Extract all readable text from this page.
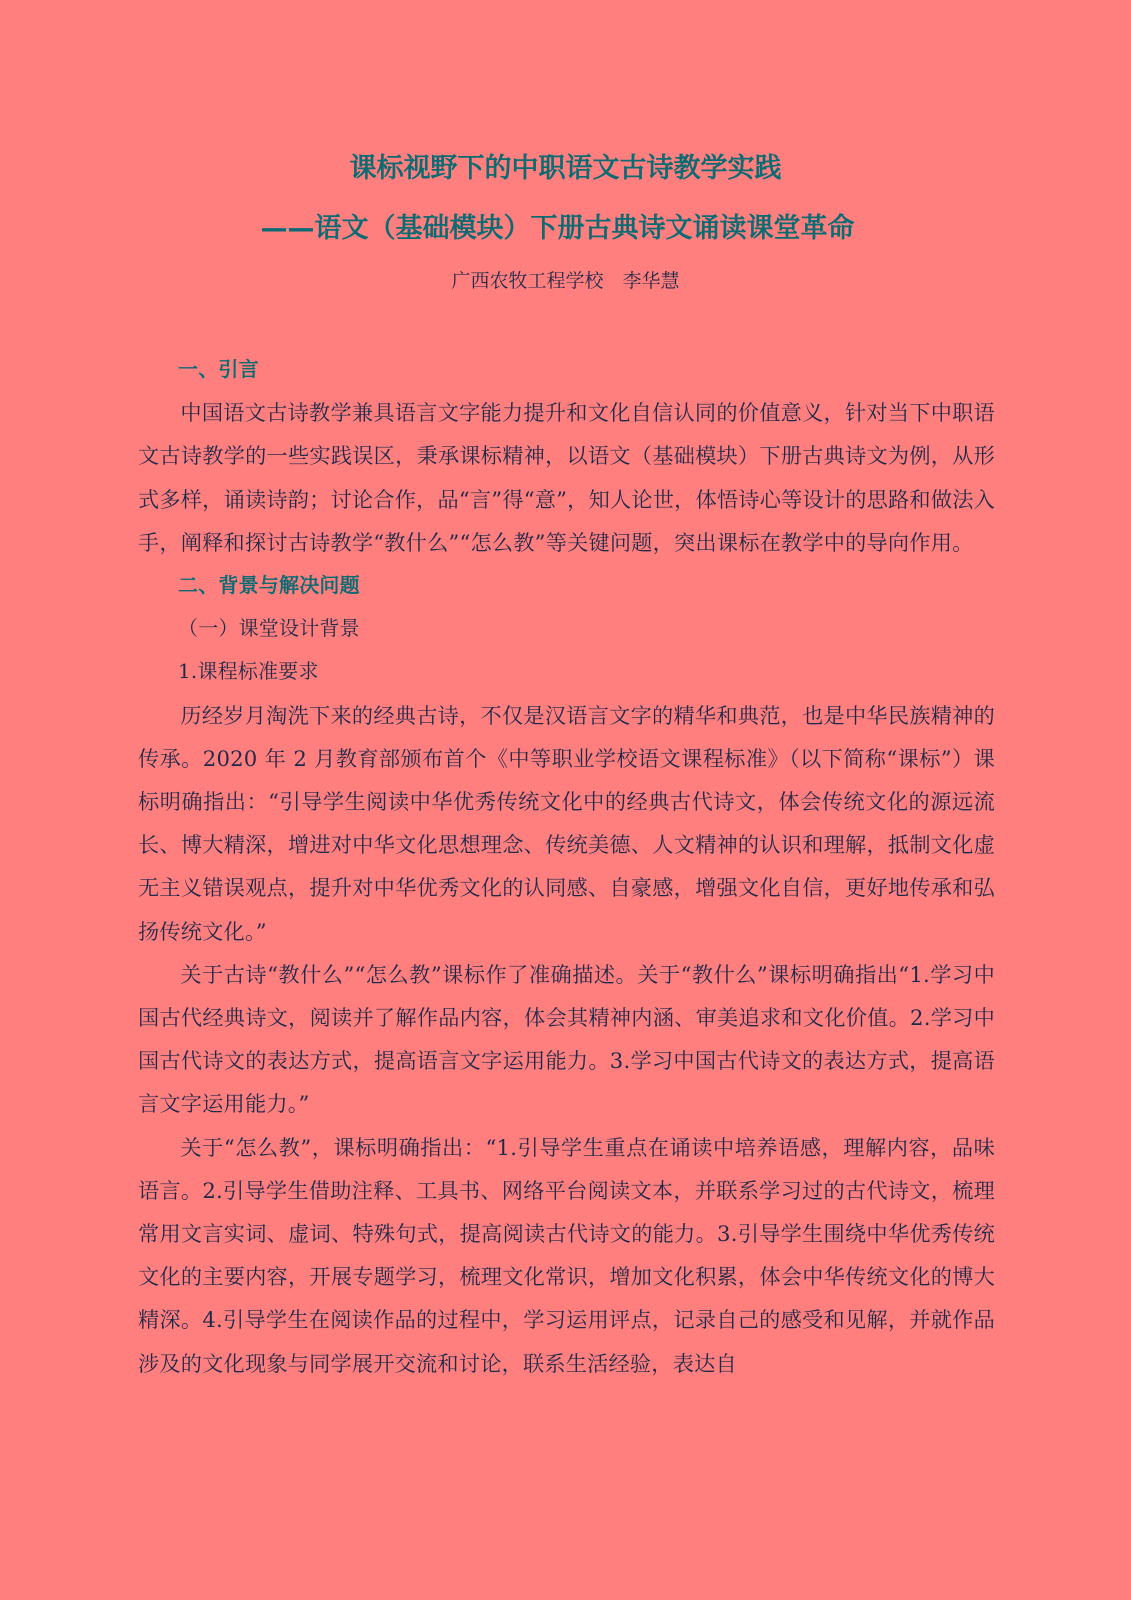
课标视野下的中职语文古诗教学实践
——语文（基础模块）下册古典诗文诵读课堂革命
广西农牧工程学校　李华慧

一、引言

中国语文古诗教学兼具语言文字能力提升和文化自信认同的价值意义，针对当下中职语文古诗教学的一些实践误区，秉承课标精神，以语文（基础模块）下册古典诗文为例，从形式多样，诵读诗韵；讨论合作，品“言”得“意”，知人论世，体悟诗心等设计的思路和做法入手，阐释和探讨古诗教学“教什么”“怎么教”等关键问题，突出课标在教学中的导向作用。

二、背景与解决问题

（一）课堂设计背景

1.课程标准要求

历经岁月淘洗下来的经典古诗，不仅是汉语言文字的精华和典范，也是中华民族精神的传承。2020 年 2 月教育部颁布首个《中等职业学校语文课程标准》（以下简称“课标”）课标明确指出：“引导学生阅读中华优秀传统文化中的经典古代诗文，体会传统文化的源远流长、博大精深，增进对中华文化思想理念、传统美德、人文精神的认识和理解，抵制文化虚无主义错误观点，提升对中华优秀文化的认同感、自豪感，增强文化自信，更好地传承和弘扬传统文化。”

关于古诗“教什么”“怎么教”课标作了准确描述。关于“教什么”课标明确指出“1.学习中国古代经典诗文，阅读并了解作品内容，体会其精神内涵、审美追求和文化价值。2.学习中国古代诗文的表达方式，提高语言文字运用能力。3.学习中国古代诗文的表达方式，提高语言文字运用能力。”

关于“怎么教”，课标明确指出：“1.引导学生重点在诵读中培养语感，理解内容，品味语言。2.引导学生借助注释、工具书、网络平台阅读文本，并联系学习过的古代诗文，梳理常用文言实词、虚词、特殊句式，提高阅读古代诗文的能力。3.引导学生围绕中华优秀传统文化的主要内容，开展专题学习，梳理文化常识，增加文化积累，体会中华传统文化的博大精深。4.引导学生在阅读作品的过程中，学习运用评点，记录自己的感受和见解，并就作品涉及的文化现象与同学展开交流和讨论，联系生活经验，表达自
